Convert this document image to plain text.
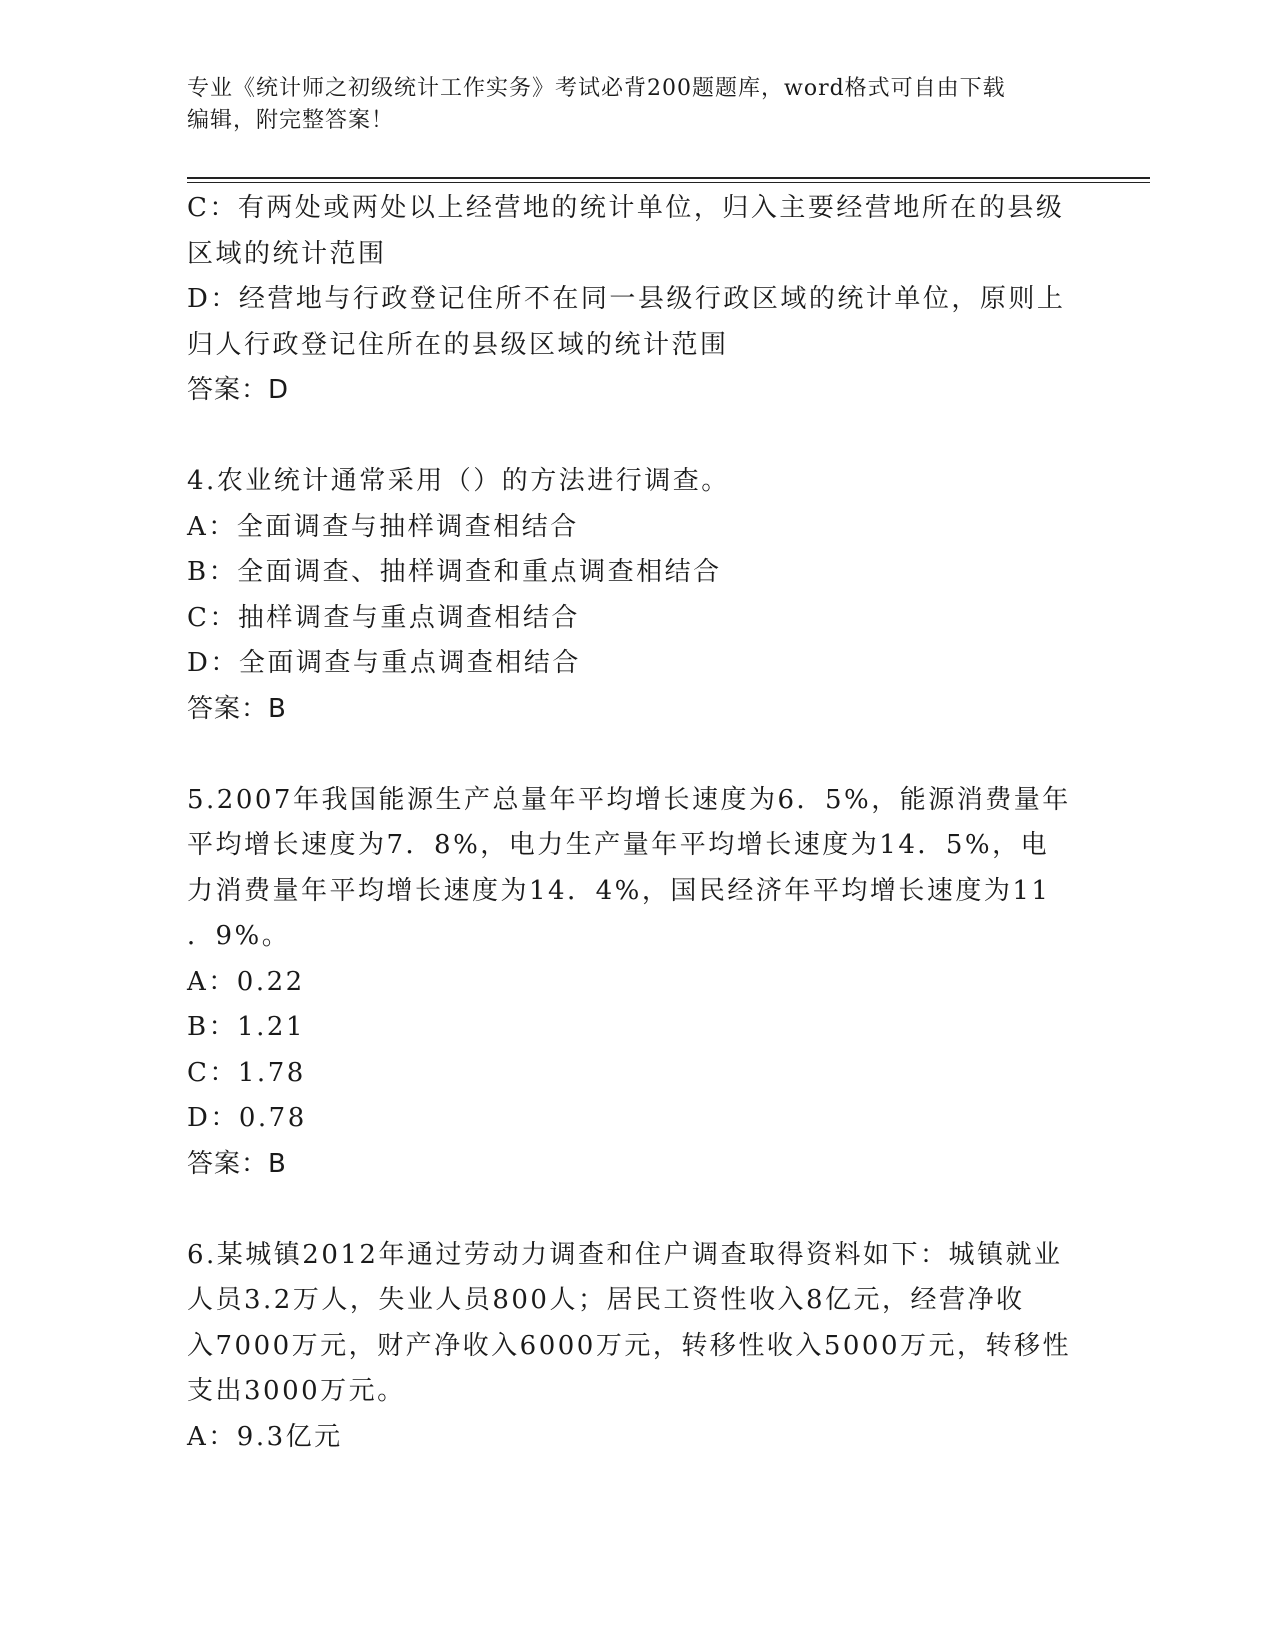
专业《统计师之初级统计工作实务》考试必背200题题库，word格式可自由下载
编辑，附完整答案！
C：有两处或两处以上经营地的统计单位，归入主要经营地所在的县级
区域的统计范围
D：经营地与行政登记住所不在同一县级行政区域的统计单位，原则上
归人行政登记住所在的县级区域的统计范围
答案：D
4.农业统计通常采用（）的方法进行调查。
A：全面调查与抽样调查相结合
B：全面调查、抽样调查和重点调查相结合
C：抽样调查与重点调查相结合
D：全面调查与重点调查相结合
答案：B
5.2007年我国能源生产总量年平均增长速度为6．5%，能源消费量年
平均增长速度为7．8%，电力生产量年平均增长速度为14．5%，电
力消费量年平均增长速度为14．4%，国民经济年平均增长速度为11
．9%。
A：0.22
B：1.21
C：1.78
D：0.78
答案：B
6.某城镇2012年通过劳动力调查和住户调查取得资料如下：城镇就业
人员3.2万人，失业人员800人；居民工资性收入8亿元，经营净收
入7000万元，财产净收入6000万元，转移性收入5000万元，转移性
支出3000万元。
A：9.3亿元
